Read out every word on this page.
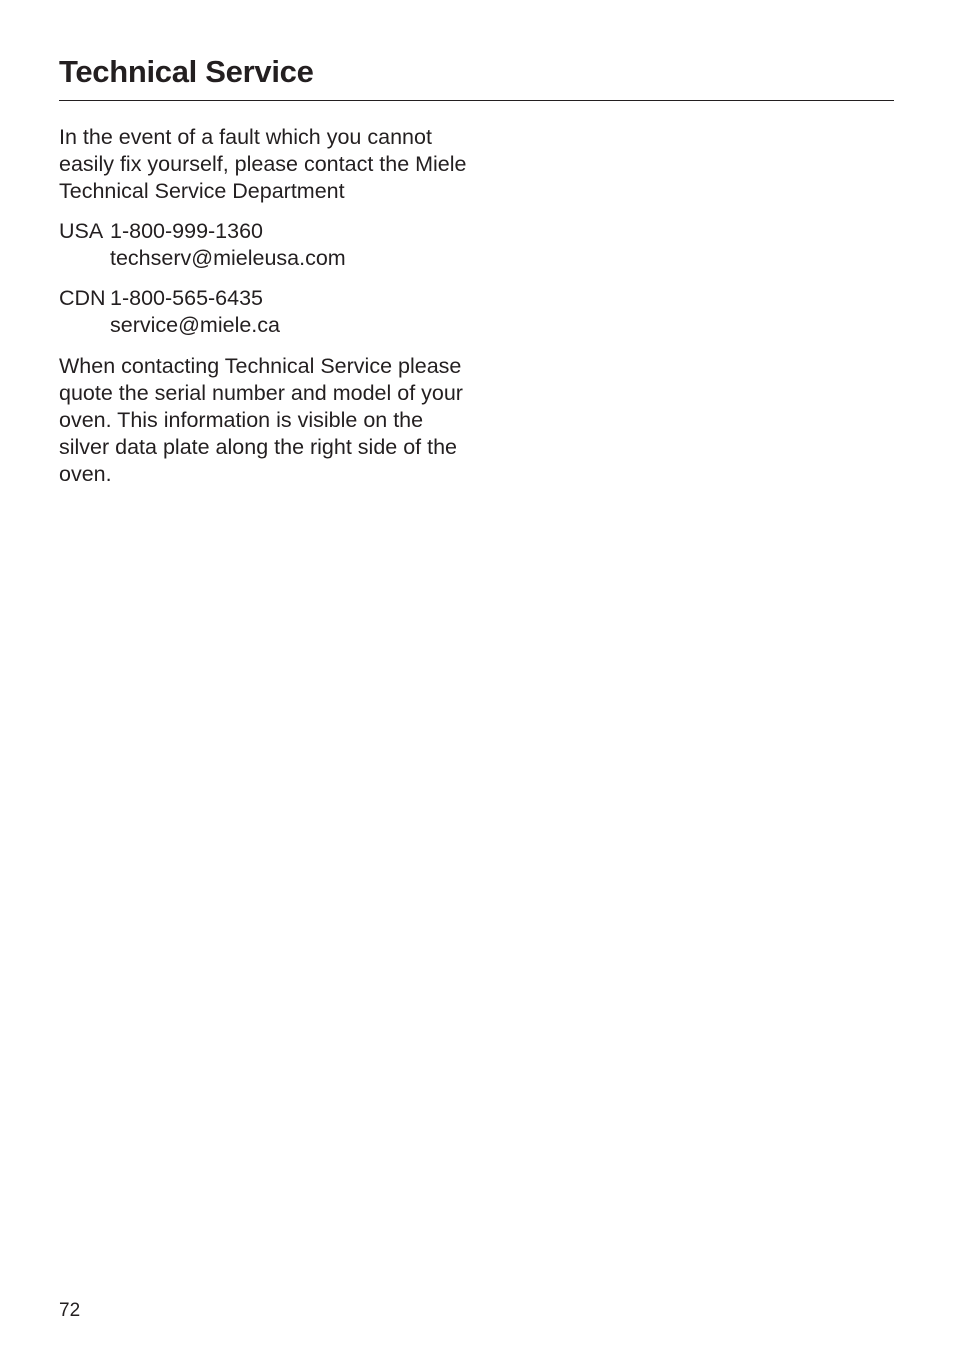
Technical Service

In the event of a fault which you cannot easily fix yourself, please contact the Miele Technical Service Department

USA 1-800-999-1360
techserv@mieleusa.com
CDN 1-800-565-6435
service@miele.ca

When contacting Technical Service please quote the serial number and model of your oven. This information is visible on the silver data plate along the right side of the oven.

72
